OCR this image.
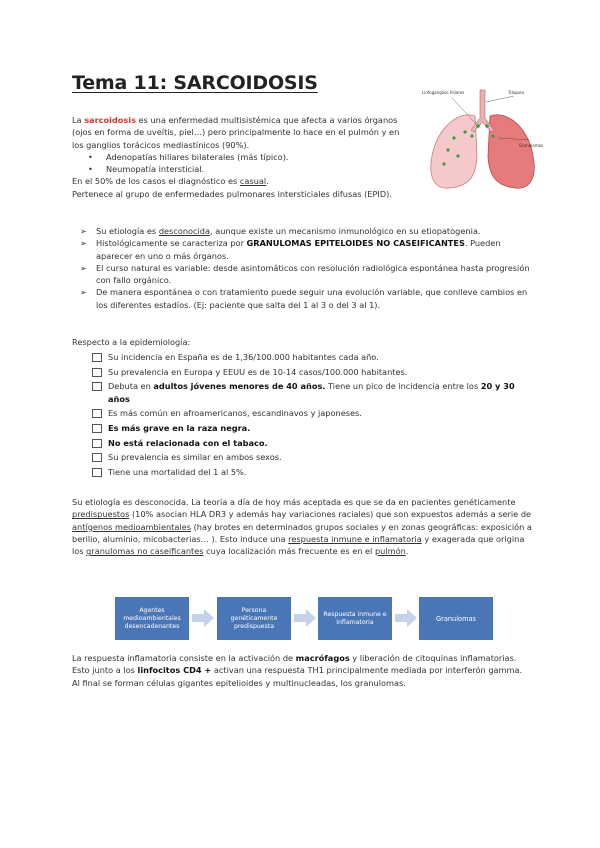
Tema 11: SARCOIDOSIS	Linfoganglios hiliares	Tráquea
Granulomas

La sarcoidosis es una enfermedad multisistémica que afecta a varios órganos (ojos en forma de uveítis, piel…) pero principalmente lo hace en el pulmón y en los ganglios torácicos mediastínicos (90%).

•	Adenopatías hiliares bilaterales (más típico).
•	Neumopatía intersticial.

En el 50% de los casos el diagnóstico es casual.

Pertenece al grupo de enfermedades pulmonares intersticiales difusas (EPID).

➢	Su etiología es desconocida, aunque existe un mecanismo inmunológico en su etiopatogenia.
➢	Histológicamente se caracteriza por GRANULOMAS EPITELOIDES NO CASEIFICANTES. Pueden aparecer en uno o más órganos.
➢	El curso natural es variable: desde asintomáticos con resolución radiológica espontánea hasta progresión con fallo orgánico.
➢	De manera espontánea o con tratamiento puede seguir una evolución variable, que conlleve cambios en los diferentes estadíos. (Ej: paciente que salta del 1 al 3 o del 3 al 1).

Respecto a la epidemiología:

Su incidencia en España es de 1,36/100.000 habitantes cada año.
Su prevalencia en Europa y EEUU es de 10-14 casos/100.000 habitantes.
Debuta en adultos jóvenes menores de 40 años. Tiene un pico de incidencia entre los 20 y 30 años
Es más común en afroamericanos, escandinavos y japoneses.
Es más grave en la raza negra.
No está relacionada con el tabaco.
Su prevalencia es similar en ambos sexos.
Tiene una mortalidad del 1 al 5%.

Su etiología es desconocida. La teoría a día de hoy más aceptada es que se da en pacientes genéticamente predispuestos (10% asocian HLA DR3 y además hay variaciones raciales) que son expuestos además a serie de antígenos medioambientales (hay brotes en determinados grupos sociales y en zonas geográficas: exposición a berilio, aluminio, micobacterias… ). Esto induce una respuesta inmune e inflamatoria y exagerada que origina los granulomas no caseificantes cuya localización más frecuente es en el pulmón.

Agentes medioambientales desencadenantes
Persona genéticamente predispuesta
Respuesta inmune e inflamatoria	Granulomas

La respuesta inflamatoria consiste en la activación de macrófagos y liberación de citoquinas inflamatorias. Esto junto a los linfocitos CD4 + activan una respuesta TH1 principalmente mediada por interferón gamma. Al final se forman células gigantes epitelioides y multinucleadas, los granulomas.
